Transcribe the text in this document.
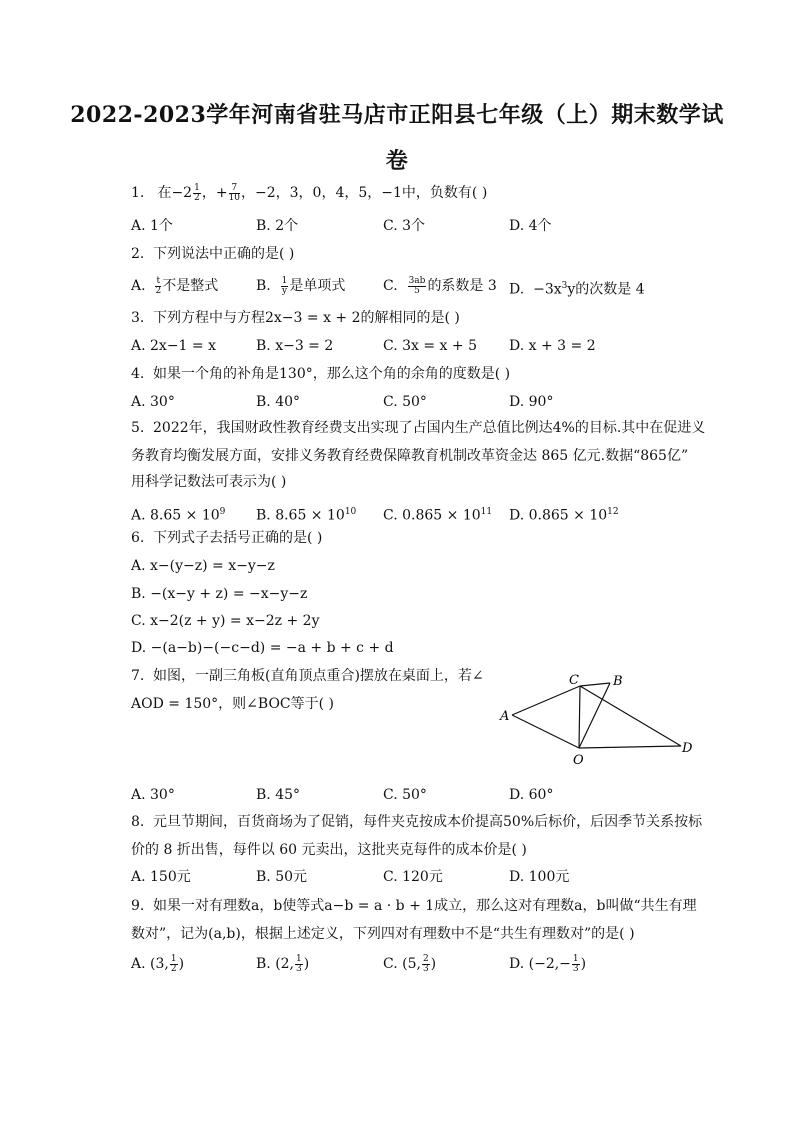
2022-2023学年河南省驻马店市正阳县七年级（上）期末数学试
卷
1. 在$-2 \frac{1}{2}$ ，+ $\frac{7}{10}$ ，−2，3，0，4，5，−1中，负数有( )
A. 1个	B. 2个	C. 3个	D. 4个
2. 下列说法中正确的是( )
A. $\frac{t}{2}$ 不是整式	B. $\frac{1}{y}$ 是单项式	C. $\frac{3ab}{5}$ 的系数是 3 D. $-3x^3y$的次数是 4
3. 下列方程中与方程2x−3 = x + 2的解相同的是( )
A. 2x−1 = x	B. x−3 = 2	C. 3x = x + 5 D. x + 3 = 2
4. 如果一个角的补角是130°，那么这个角的余角的度数是( )
A. 30°	B. 40°	C. 50°	D. 90°
5. 2022年，我国财政性教育经费支出实现了占国内生产总值比例达4%的目标.其中在促进义
务教育均衡发展方面，安排义务教育经费保障教育机制改革资金达 865 亿元.数据“865亿”
用科学记数法可表示为( )
A. $8.65 \times 10^9$ B. $8.65 \times 10^{10}$ C. $0.865 \times 10^{11}$ D. $0.865 \times 10^{12}$
6. 下列式子去括号正确的是( )
A. x−(y−z) = x−y−z
B. −(x−y + z) = −x−y−z
C. x−2(z + y) = x−2z + 2y
D. −(a−b)−(−c−d) = −a + b + c + d
7. 如图，一副三角板(直角顶点重合)摆放在桌面上，若∠
AOD = 150°，则∠BOC等于( )
A
C	B
D
O
A. 30°	B. 45°	C. 50°	D. 60°
8. 元旦节期间，百货商场为了促销，每件夹克按成本价提高50%后标价，后因季节关系按标
价的 8 折出售，每件以 60 元卖出，这批夹克每件的成本价是( )
A. 150元	B. 50元	C. 120元	D. 100元
9. 如果一对有理数a，b使等式a−b = a · b + 1成立，那么这对有理数a，b叫做“共生有理
数对”，记为(a,b)，根据上述定义，下列四对有理数中不是“共生有理数对”的是( )
A. (3, $\frac{1}{2}$ )	B. (2, $\frac{1}{3}$ )	C. (5, $\frac{2}{3}$ )	D. ($-2,- \frac{1}{3}$ )
